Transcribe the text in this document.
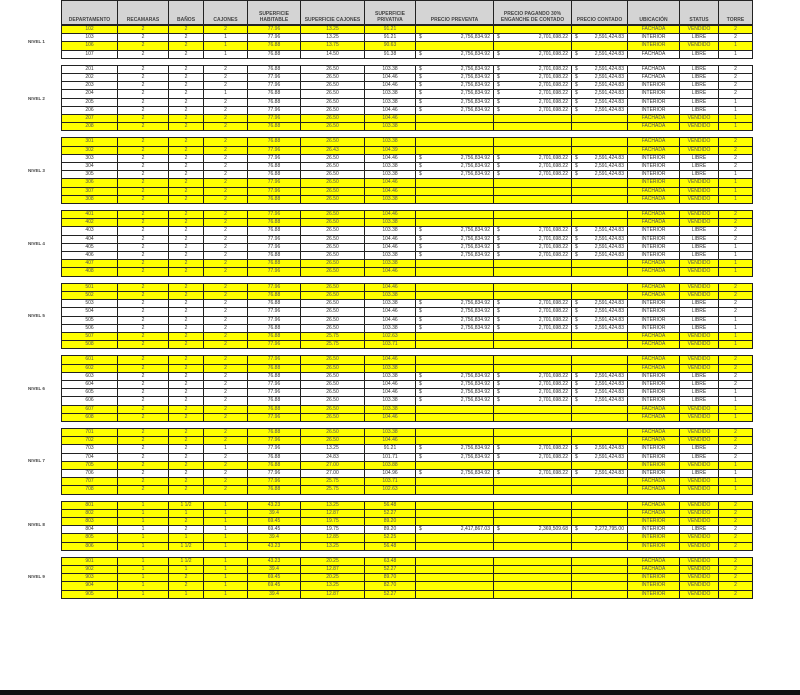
DEPARTAMENTO	RECAMARAS	BAÑOS	CAJONES	SUPERFICIE HABITABLE	SUPERFICIE CAJONES	SUPERFICIE PRIVATIVA	PRECIO PREVENTA	PRECIO PAGANDO 30% ENGANCHE DE CONTADO	PRECIO CONTADO	UBICACIÓN	STATUS	TORRE
102	2	2	2	77.96	13.25	91.21				FACHADA	VENDIDO	2
103	2	2	1	77.96	13.25	91.21	$ 2,756,834.92	$ 2,701,698.22	$ 2,591,424.83	INTERIOR	LIBRE	2
106	2	2	1	76.88	13.75	90.63				INTERIOR	VENDIDO	1
107	2	2	1	76.88	14.50	91.38	$ 2,756,834.92	$ 2,701,698.22	$ 2,591,424.83	FACHADA	LIBRE	1
201	2	2	2	76.88	26.50	103.38	$ 2,756,834.92	$ 2,701,698.22	$ 2,591,424.83	FACHADA	LIBRE	2
202	2	2	2	77.96	26.50	104.46	$ 2,756,834.92	$ 2,701,698.22	$ 2,591,424.83	FACHADA	LIBRE	2
203	2	2	2	77.96	26.50	104.46	$ 2,756,834.92	$ 2,701,698.22	$ 2,591,424.83	INTERIOR	LIBRE	2
204	2	2	1	76.88	26.50	103.38	$ 2,756,834.92	$ 2,701,698.22	$ 2,591,424.83	INTERIOR	LIBRE	2
205	2	2	2	76.88	26.50	103.38	$ 2,756,834.92	$ 2,701,698.22	$ 2,591,424.83	INTERIOR	LIBRE	1
206	2	2	2	77.96	26.50	104.46	$ 2,756,834.92	$ 2,701,698.22	$ 2,591,424.83	INTERIOR	LIBRE	1
207	2	2	2	77.96	26.50	104.46				FACHADA	VENDIDO	1
208	2	2	2	76.88	26.50	103.38				FACHADA	VENDIDO	1
301	2	2	2	76.88	26.50	103.38				FACHADA	VENDIDO	2
302	2	2	2	77.96	26.43	104.39				FACHADA	VENDIDO	2
303	2	2	2	77.96	26.50	104.46	$ 2,756,834.92	$ 2,701,698.22	$ 2,591,424.83	INTERIOR	LIBRE	2
304	2	2	2	76.88	26.50	103.38	$ 2,756,834.92	$ 2,701,698.22	$ 2,591,424.83	INTERIOR	LIBRE	2
305	2	2	2	76.88	26.50	103.38	$ 2,756,834.92	$ 2,701,698.22	$ 2,591,424.83	INTERIOR	LIBRE	1
306	2	2	2	77.96	26.50	104.46				INTERIOR	VENDIDO	1
307	2	2	2	77.96	26.50	104.46				FACHADA	VENDIDO	1
308	2	2	2	76.88	26.50	103.38				FACHADA	VENDIDO	1
401	2	2	2	77.96	26.50	104.46				FACHADA	VENDIDO	2
402	2	2	2	76.88	26.50	103.38				FACHADA	VENDIDO	2
403	2	2	2	76.88	26.50	103.38	$ 2,756,834.92	$ 2,701,698.22	$ 2,591,424.83	INTERIOR	LIBRE	2
404	2	2	2	77.96	26.50	104.46	$ 2,756,834.92	$ 2,701,698.22	$ 2,591,424.83	INTERIOR	LIBRE	2
405	2	2	2	77.96	26.50	104.46	$ 2,756,834.92	$ 2,701,698.22	$ 2,591,424.83	INTERIOR	LIBRE	1
406	2	2	2	76.88	26.50	103.38	$ 2,756,834.92	$ 2,701,698.22	$ 2,591,424.83	INTERIOR	LIBRE	1
407	2	2	2	76.88	26.50	103.38				FACHADA	VENDIDO	1
408	2	2	2	77.96	26.50	104.46				FACHADA	VENDIDO	1
501	2	2	2	77.96	26.50	104.46				FACHADA	VENDIDO	2
502	2	2	2	76.88	26.50	103.38				FACHADA	VENDIDO	2
503	2	2	2	76.88	26.50	103.38	$ 2,756,834.92	$ 2,701,698.22	$ 2,591,424.83	INTERIOR	LIBRE	2
504	2	2	2	77.96	26.50	104.46	$ 2,756,834.92	$ 2,701,698.22	$ 2,591,424.83	INTERIOR	LIBRE	2
505	2	2	2	77.96	26.50	104.46	$ 2,756,834.92	$ 2,701,698.22	$ 2,591,424.83	INTERIOR	LIBRE	1
506	2	2	2	76.88	26.50	103.38	$ 2,756,834.92	$ 2,701,698.22	$ 2,591,424.83	INTERIOR	LIBRE	1
507	2	2	2	76.88	25.75	102.63				FACHADA	VENDIDO	1
508	2	2	2	77.96	25.75	103.71				FACHADA	VENDIDO	1
601	2	2	2	77.96	26.50	104.46				FACHADA	VENDIDO	2
602	2	2	2	76.88	26.50	103.38				FACHADA	VENDIDO	2
603	2	2	2	76.88	26.50	103.38	$ 2,756,834.92	$ 2,701,698.22	$ 2,591,424.83	INTERIOR	LIBRE	2
604	2	2	2	77.96	26.50	104.46	$ 2,756,834.92	$ 2,701,698.22	$ 2,591,424.83	INTERIOR	LIBRE	2
605	2	2	2	77.96	26.50	104.46	$ 2,756,834.92	$ 2,701,698.22	$ 2,591,424.83	INTERIOR	LIBRE	1
606	2	2	2	76.88	26.50	103.38	$ 2,756,834.92	$ 2,701,698.22	$ 2,591,424.83	INTERIOR	LIBRE	1
607	2	2	2	76.88	26.50	103.38				FACHADA	VENDIDO	1
608	2	2	2	77.96	26.50	104.46				FACHADA	VENDIDO	1
701	2	2	2	76.88	26.50	103.38				FACHADA	VENDIDO	2
702	2	2	2	77.96	26.50	104.46				FACHADA	VENDIDO	2
703	2	2	1	77.96	13.25	91.21	$ 2,756,834.92	$ 2,701,698.22	$ 2,591,424.83	INTERIOR	LIBRE	2
704	2	2	2	76.88	24.83	101.71	$ 2,756,834.92	$ 2,701,698.22	$ 2,591,424.83	INTERIOR	LIBRE	2
705	2	2	2	76.88	27.00	103.88				INTERIOR	VENDIDO	1
706	2	2	2	77.96	27.00	104.96	$ 2,756,834.92	$ 2,701,698.22	$ 2,591,424.83	INTERIOR	LIBRE	1
707	2	2	2	77.96	25.75	103.71				FACHADA	VENDIDO	1
708	2	2	2	76.88	25.75	102.63				FACHADA	VENDIDO	1
801	1	1 1/2	1	43.23	13.25	56.48				FACHADA	VENDIDO	2
802	1	1	1	39.4	12.87	52.27				FACHADA	VENDIDO	2
803	1	2	1	69.45	19.75	89.20				INTERIOR	VENDIDO	2
804	1	2	1	69.45	19.75	89.20	$ 2,417,867.03	$ 2,369,509.68	$ 2,272,795.00	INTERIOR	LIBRE	2
805	1	1	1	39.4	12.85	52.25				INTERIOR	VENDIDO	2
806	1	1 1/2	1	43.23	13.25	56.48				INTERIOR	VENDIDO	2
901	1	1 1/2	1	43.23	20.25	63.48				FACHADA	VENDIDO	2
902	1	1	1	39.4	12.87	52.27				FACHADA	VENDIDO	2
903	1	2	1	69.45	20.25	89.70				INTERIOR	VENDIDO	2
904	1	2	1	69.45	13.25	82.70				INTERIOR	VENDIDO	2
905	1	1	1	39.4	12.87	52.27				INTERIOR	VENDIDO	2
NIVEL 1
NIVEL 2
NIVEL 3
NIVEL 4
NIVEL 5
NIVEL 6
NIVEL 7
NIVEL 8
NIVEL 9
